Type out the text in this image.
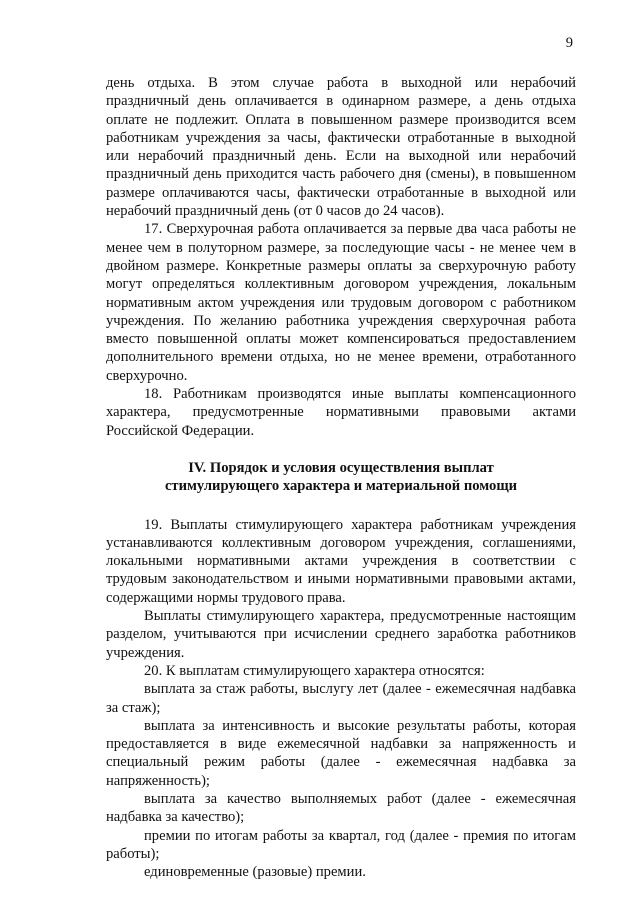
9

день отдыха. В этом случае работа в выходной или нерабочий праздничный день оплачивается в одинарном размере, а день отдыха оплате не подлежит. Оплата в повышенном размере производится всем работникам учреждения за часы, фактически отработанные в выходной или нерабочий праздничный день. Если на выходной или нерабочий праздничный день приходится часть рабочего дня (смены), в повышенном размере оплачиваются часы, фактически отработанные в выходной или нерабочий праздничный день (от 0 часов до 24 часов).

17. Сверхурочная работа оплачивается за первые два часа работы не менее чем в полуторном размере, за последующие часы - не менее чем в двойном размере. Конкретные размеры оплаты за сверхурочную работу могут определяться коллективным договором учреждения, локальным нормативным актом учреждения или трудовым договором с работником учреждения. По желанию работника учреждения сверхурочная работа вместо повышенной оплаты может компенсироваться предоставлением дополнительного времени отдыха, но не менее времени, отработанного сверхурочно.

18. Работникам производятся иные выплаты компенсационного характера, предусмотренные нормативными правовыми актами Российской Федерации.

IV. Порядок и условия осуществления выплат

стимулирующего характера и материальной помощи

19. Выплаты стимулирующего характера работникам учреждения устанавливаются коллективным договором учреждения, соглашениями, локальными нормативными актами учреждения в соответствии с трудовым законодательством и иными нормативными правовыми актами, содержащими нормы трудового права.

Выплаты стимулирующего характера, предусмотренные настоящим разделом, учитываются при исчислении среднего заработка работников учреждения.

20. К выплатам стимулирующего характера относятся:

выплата за стаж работы, выслугу лет (далее - ежемесячная надбавка за стаж);

выплата за интенсивность и высокие результаты работы, которая предоставляется в виде ежемесячной надбавки за напряженность и специальный режим работы (далее - ежемесячная надбавка за напряженность);

выплата за качество выполняемых работ (далее - ежемесячная надбавка за качество);

премии по итогам работы за квартал, год (далее - премия по итогам работы);

единовременные (разовые) премии.
